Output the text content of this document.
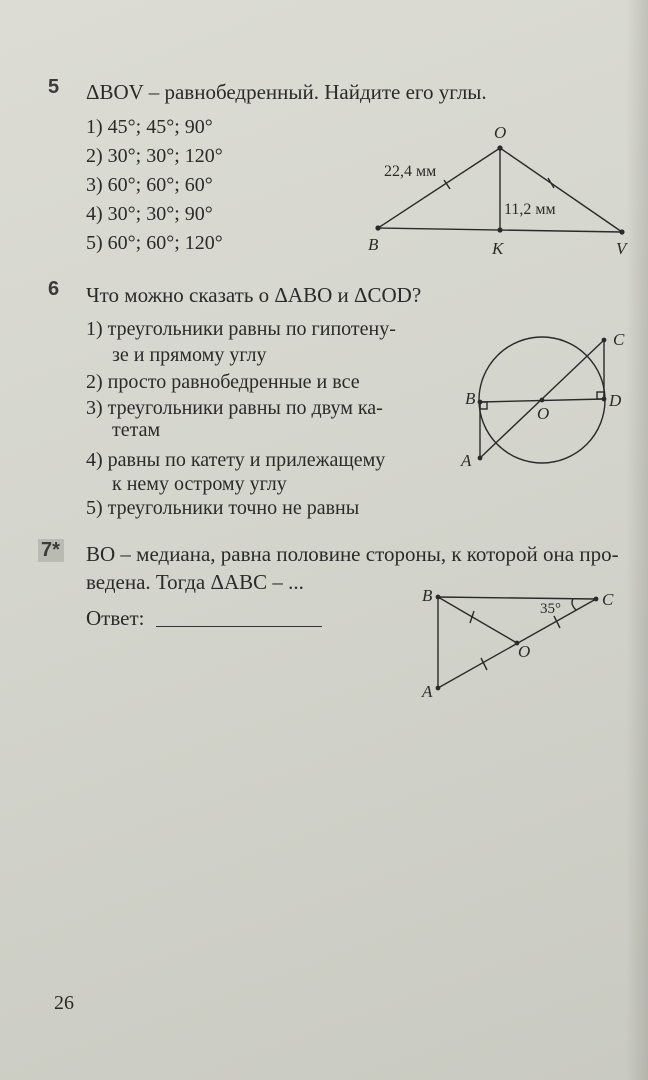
5 ΔBOV – равнобедренный. Найдите его углы.
1) 45°; 45°; 90°
2) 30°; 30°; 120°
3) 60°; 60°; 60°
4) 30°; 30°; 90°
5) 60°; 60°; 120°
O
B	K	V
22,4 мм
11,2 мм
6 Что можно сказать о ΔABO и ΔCOD?
1) треугольники равны по гипотену-
зе и прямому углу
2) просто равнобедренные и все
3) треугольники равны по двум ка-
тетам
4) равны по катету и прилежащему
к нему острому углу
5) треугольники точно не равны
C
B
O
D
A
7* BO – медиана, равна половине стороны, к которой она про-
ведена. Тогда ΔABC – ...
Ответ:
B	C
O
A
35°
26
